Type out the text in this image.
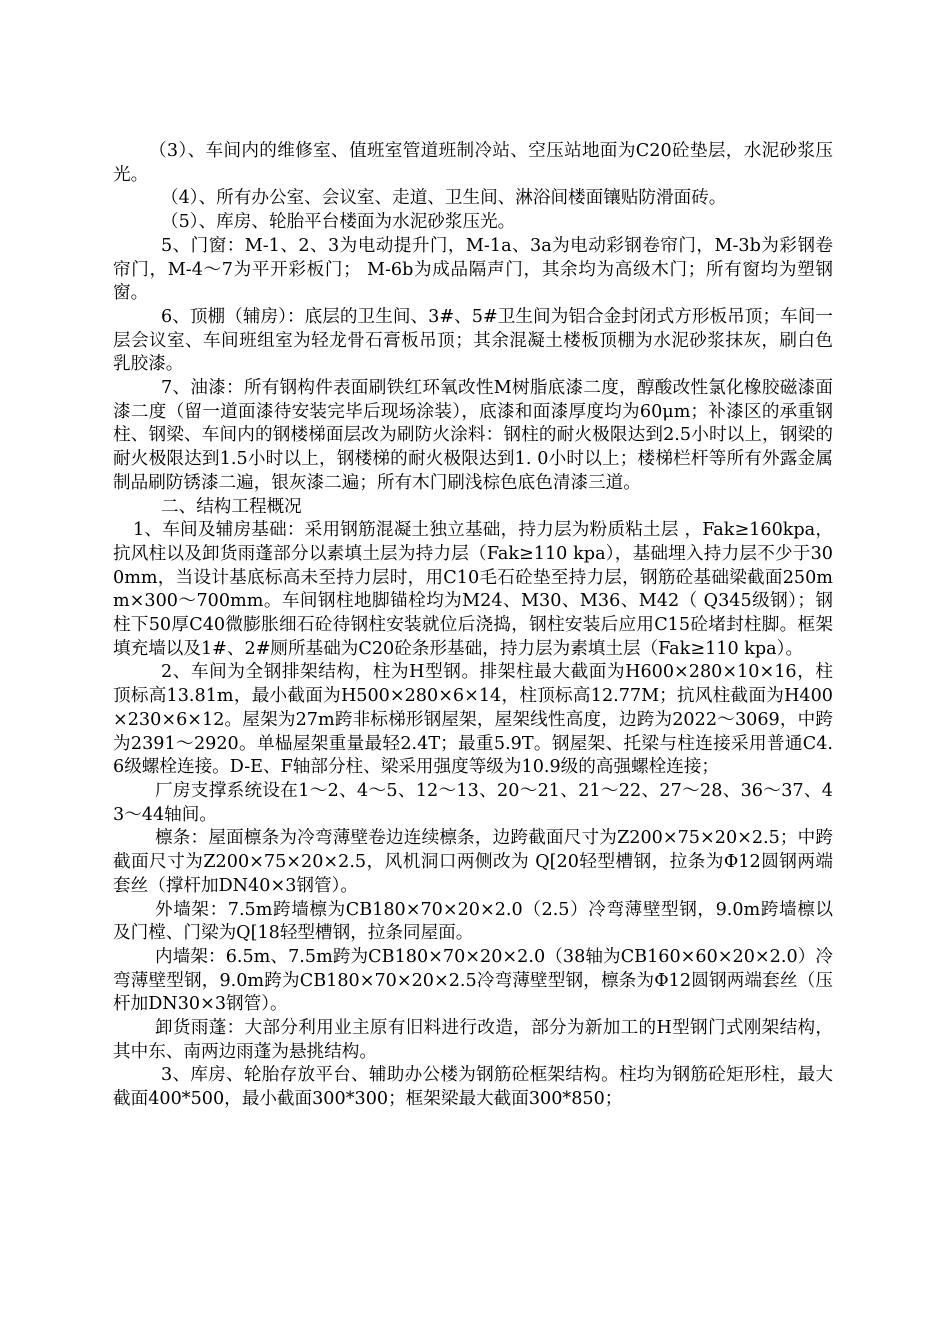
（3）、车间内的维修室、值班室管道班制冷站、空压站地面为C20砼垫层，水泥砂浆压光。

（4）、所有办公室、会议室、走道、卫生间、淋浴间楼面镶贴防滑面砖。

（5）、库房、轮胎平台楼面为水泥砂浆压光。

5、门窗：M-1、2、3为电动提升门，M-1a、3a为电动彩钢卷帘门，M-3b为彩钢卷帘门，M-4～7为平开彩板门； M-6b为成品隔声门，其余均为高级木门；所有窗均为塑钢窗。

6、顶棚（辅房）：底层的卫生间、3#、5#卫生间为铝合金封闭式方形板吊顶；车间一层会议室、车间班组室为轻龙骨石膏板吊顶；其余混凝土楼板顶棚为水泥砂浆抹灰，刷白色乳胶漆。

7、油漆：所有钢构件表面刷铁红环氧改性M树脂底漆二度，醇酸改性氯化橡胶磁漆面漆二度（留一道面漆待安装完毕后现场涂装），底漆和面漆厚度均为60μm；补漆区的承重钢柱、钢梁、车间内的钢楼梯面层改为刷防火涂料：钢柱的耐火极限达到2.5小时以上，钢梁的耐火极限达到1.5小时以上，钢楼梯的耐火极限达到1. 0小时以上；楼梯栏杆等所有外露金属制品刷防锈漆二遍，银灰漆二遍；所有木门刷浅棕色底色清漆三道。

二、结构工程概况

1、车间及辅房基础：采用钢筋混凝土独立基础，持力层为粉质粘土层 ，Fak≥160kpa，抗风柱以及卸货雨蓬部分以素填土层为持力层（Fak≥110 kpa），基础埋入持力层不少于300mm，当设计基底标高未至持力层时，用C10毛石砼垫至持力层，钢筋砼基础梁截面250mm×300～700mm。车间钢柱地脚锚栓均为M24、M30、M36、M42（ Q345级钢）；钢柱下50厚C40微膨胀细石砼待钢柱安装就位后浇捣，钢柱安装后应用C15砼堵封柱脚。框架填充墙以及1#、2#厕所基础为C20砼条形基础，持力层为素填土层（Fak≥110 kpa）。

2、车间为全钢排架结构，柱为H型钢。排架柱最大截面为H600×280×10×16，柱顶标高13.81m，最小截面为H500×280×6×14，柱顶标高12.77M；抗风柱截面为H400×230×6×12。屋架为27m跨非标梯形钢屋架，屋架线性高度，边跨为2022～3069，中跨为2391～2920。单榀屋架重量最轻2.4T；最重5.9T。钢屋架、托梁与柱连接采用普通C4.6级螺栓连接。D-E、F轴部分柱、梁采用强度等级为10.9级的高强螺栓连接；

厂房支撑系统设在1～2、4～5、12～13、20～21、21～22、27～28、36～37、43～44轴间。

檩条：屋面檩条为冷弯薄壁卷边连续檩条，边跨截面尺寸为Z200×75×20×2.5；中跨截面尺寸为Z200×75×20×2.5，风机洞口两侧改为 Q[20轻型槽钢，拉条为Φ12圆钢两端套丝（撑杆加DN40×3钢管）。

外墙架：7.5m跨墙檩为CB180×70×20×2.0（2.5）冷弯薄壁型钢，9.0m跨墙檩以及门樘、门梁为Q[18轻型槽钢，拉条同屋面。

内墙架：6.5m、7.5m跨为CB180×70×20×2.0（38轴为CB160×60×20×2.0）冷弯薄壁型钢，9.0m跨为CB180×70×20×2.5冷弯薄壁型钢，檩条为Φ12圆钢两端套丝（压杆加DN30×3钢管）。

卸货雨蓬：大部分利用业主原有旧料进行改造，部分为新加工的H型钢门式刚架结构，其中东、南两边雨蓬为悬挑结构。

3、库房、轮胎存放平台、辅助办公楼为钢筋砼框架结构。柱均为钢筋砼矩形柱，最大截面400*500，最小截面300*300；框架梁最大截面300*850；
